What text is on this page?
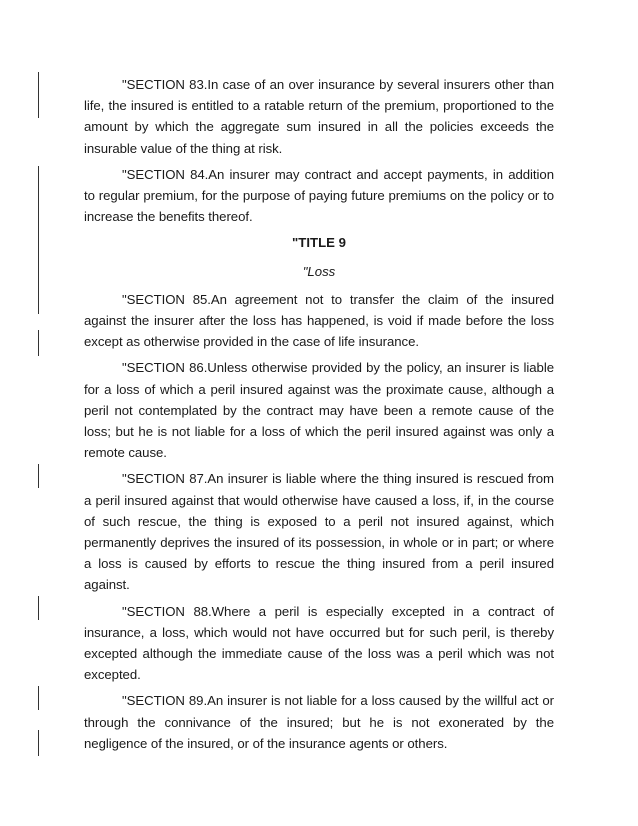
"SECTION 83.In case of an over insurance by several insurers other than life, the insured is entitled to a ratable return of the premium, proportioned to the amount by which the aggregate sum insured in all the policies exceeds the insurable value of the thing at risk.

"SECTION 84.An insurer may contract and accept payments, in addition to regular premium, for the purpose of paying future premiums on the policy or to increase the benefits thereof.

"TITLE 9
"Loss

"SECTION 85.An agreement not to transfer the claim of the insured against the insurer after the loss has happened, is void if made before the loss except as otherwise provided in the case of life insurance.

"SECTION 86.Unless otherwise provided by the policy, an insurer is liable for a loss of which a peril insured against was the proximate cause, although a peril not contemplated by the contract may have been a remote cause of the loss; but he is not liable for a loss of which the peril insured against was only a remote cause.

"SECTION 87.An insurer is liable where the thing insured is rescued from a peril insured against that would otherwise have caused a loss, if, in the course of such rescue, the thing is exposed to a peril not insured against, which permanently deprives the insured of its possession, in whole or in part; or where a loss is caused by efforts to rescue the thing insured from a peril insured against.

"SECTION 88.Where a peril is especially excepted in a contract of insurance, a loss, which would not have occurred but for such peril, is thereby excepted although the immediate cause of the loss was a peril which was not excepted.

"SECTION 89.An insurer is not liable for a loss caused by the willful act or through the connivance of the insured; but he is not exonerated by the negligence of the insured, or of the insurance agents or others.
